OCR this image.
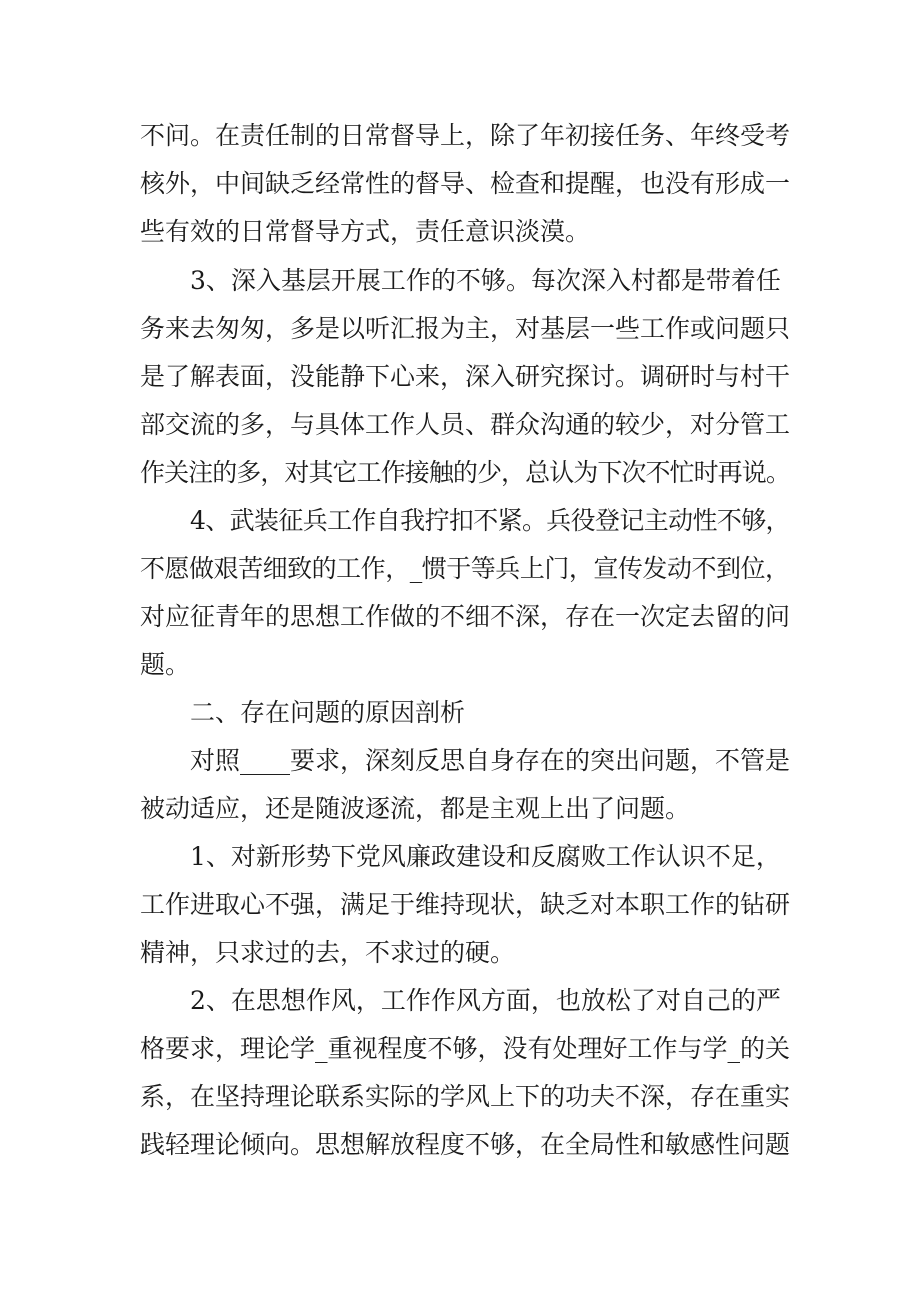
不问。在责任制的日常督导上，除了年初接任务、年终受考
核外，中间缺乏经常性的督导、检查和提醒，也没有形成一
些有效的日常督导方式，责任意识淡漠。
3、深入基层开展工作的不够。每次深入村都是带着任
务来去匆匆，多是以听汇报为主，对基层一些工作或问题只
是了解表面，没能静下心来，深入研究探讨。调研时与村干
部交流的多，与具体工作人员、群众沟通的较少，对分管工
作关注的多，对其它工作接触的少，总认为下次不忙时再说。
4、武装征兵工作自我拧扣不紧。兵役登记主动性不够，
不愿做艰苦细致的工作，_惯于等兵上门，宣传发动不到位，
对应征青年的思想工作做的不细不深，存在一次定去留的问
题。
二、存在问题的原因剖析
对照____要求，深刻反思自身存在的突出问题，不管是
被动适应，还是随波逐流，都是主观上出了问题。
1、对新形势下党风廉政建设和反腐败工作认识不足，
工作进取心不强，满足于维持现状，缺乏对本职工作的钻研
精神，只求过的去，不求过的硬。
2、在思想作风，工作作风方面，也放松了对自己的严
格要求，理论学_重视程度不够，没有处理好工作与学_的关
系，在坚持理论联系实际的学风上下的功夫不深，存在重实
践轻理论倾向。思想解放程度不够，在全局性和敏感性问题
